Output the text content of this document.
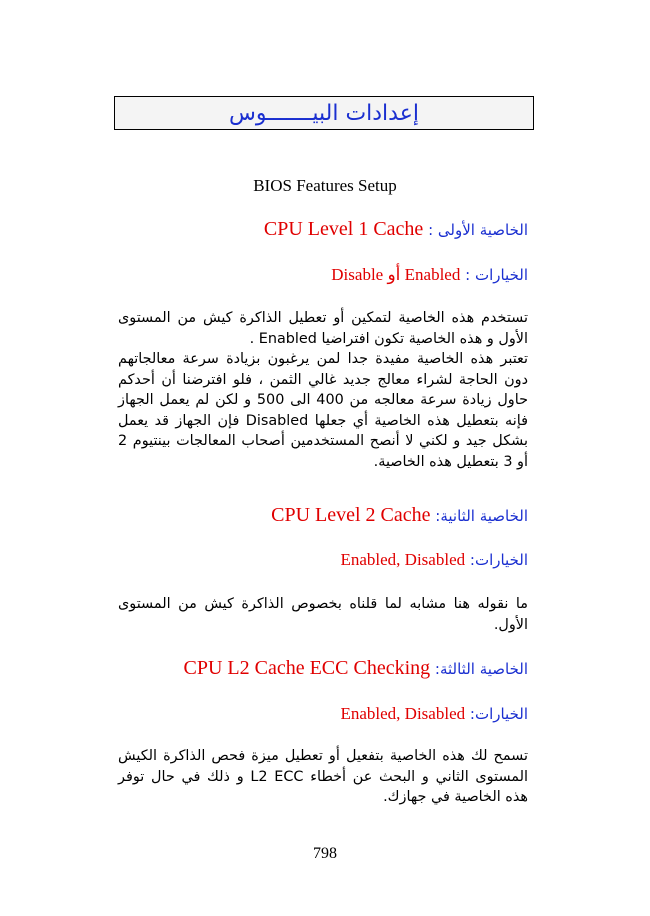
إعدادات البيـــــــوس
BIOS Features Setup
الخاصية الأولى : CPU Level 1 Cache
الخيارات : Enabled أو Disable

تستخدم هذه الخاصية لتمكين أو تعطيل الذاكرة كيش من المستوى الأول و هذه الخاصية تكون افتراضيا Enabled .

تعتبر هذه الخاصية مفيدة جدا لمن يرغبون بزيادة سرعة معالجاتهم دون الحاجة لشراء معالج جديد غالي الثمن ، فلو افترضنا أن أحدكم حاول زيادة سرعة معالجه من 400 الى 500 و لكن لم يعمل الجهاز فإنه بتعطيل هذه الخاصية أي جعلها Disabled فإن الجهاز قد يعمل بشكل جيد و لكني لا أنصح المستخدمين أصحاب المعالجات بينتيوم 2 أو 3 بتعطيل هذه الخاصية.

الخاصية الثانية: CPU Level 2 Cache
الخيارات: Enabled, Disabled

ما نقوله هنا مشابه لما قلناه بخصوص الذاكرة كيش من المستوى الأول.

الخاصية الثالثة: CPU L2 Cache ECC Checking
الخيارات: Enabled, Disabled

تسمح لك هذه الخاصية بتفعيل أو تعطيل ميزة فحص الذاكرة الكيش المستوى الثاني و البحث عن أخطاء L2 ECC و ذلك في حال توفر هذه الخاصية في جهازك.

798
